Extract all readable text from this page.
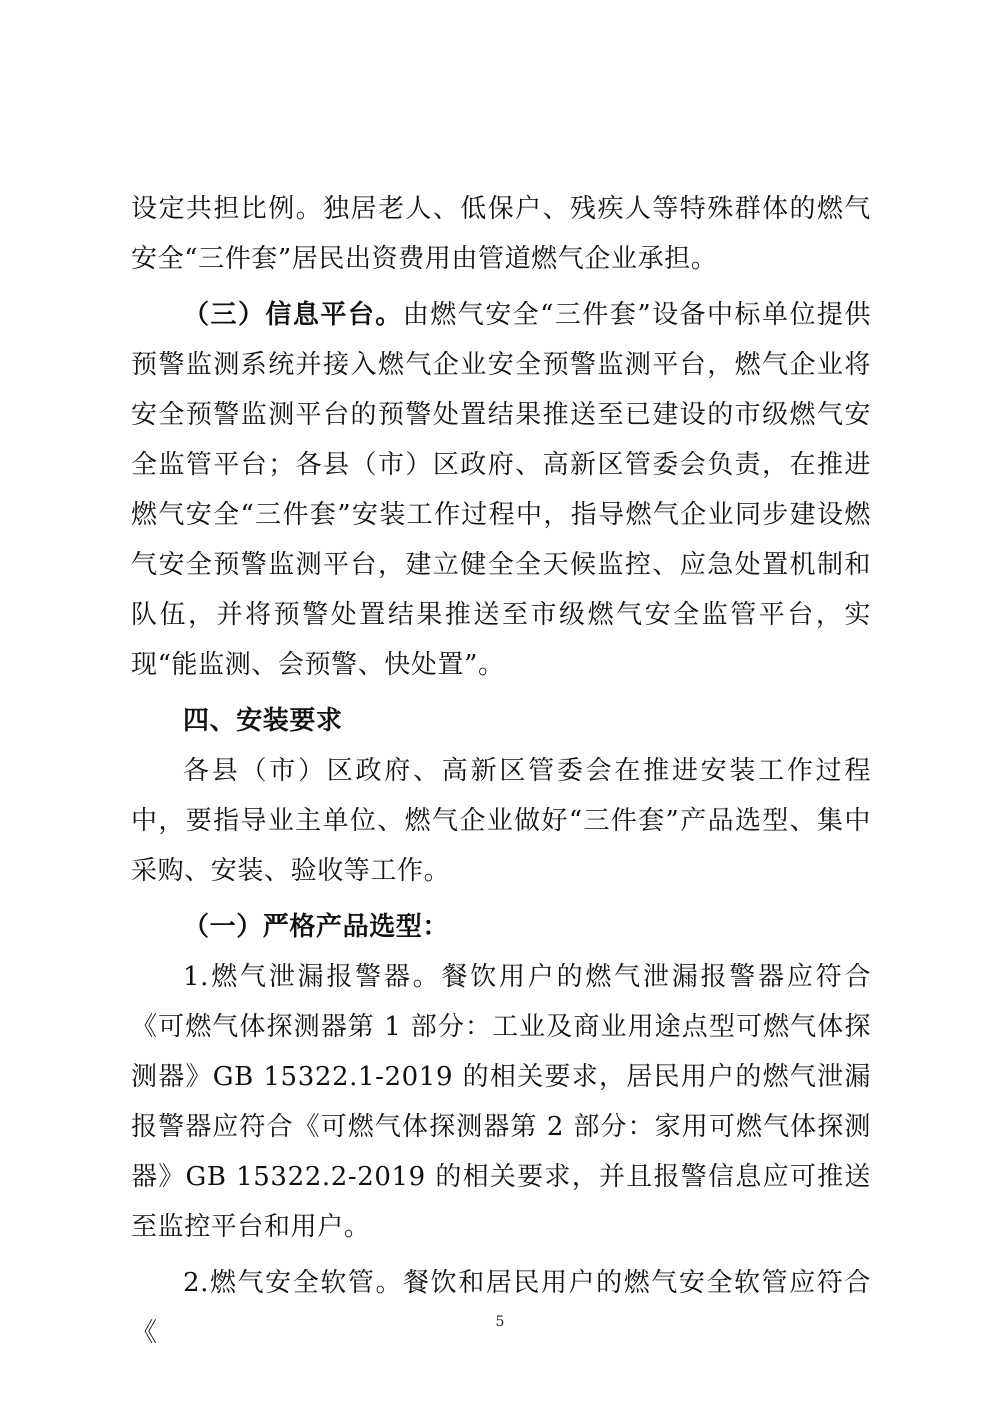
设定共担比例。独居老人、低保户、残疾人等特殊群体的燃气安全“三件套”居民出资费用由管道燃气企业承担。

（三）信息平台。由燃气安全“三件套”设备中标单位提供预警监测系统并接入燃气企业安全预警监测平台，燃气企业将安全预警监测平台的预警处置结果推送至已建设的市级燃气安全监管平台；各县（市）区政府、高新区管委会负责，在推进燃气安全“三件套”安装工作过程中，指导燃气企业同步建设燃气安全预警监测平台，建立健全全天候监控、应急处置机制和队伍，并将预警处置结果推送至市级燃气安全监管平台，实现“能监测、会预警、快处置”。

四、安装要求

各县（市）区政府、高新区管委会在推进安装工作过程中，要指导业主单位、燃气企业做好“三件套”产品选型、集中采购、安装、验收等工作。

（一）严格产品选型：

1.燃气泄漏报警器。餐饮用户的燃气泄漏报警器应符合《可燃气体探测器第 1 部分：工业及商业用途点型可燃气体探测器》GB 15322.1-2019 的相关要求，居民用户的燃气泄漏报警器应符合《可燃气体探测器第 2 部分：家用可燃气体探测器》GB 15322.2-2019 的相关要求，并且报警信息应可推送至监控平台和用户。

2.燃气安全软管。餐饮和居民用户的燃气安全软管应符合《	5
